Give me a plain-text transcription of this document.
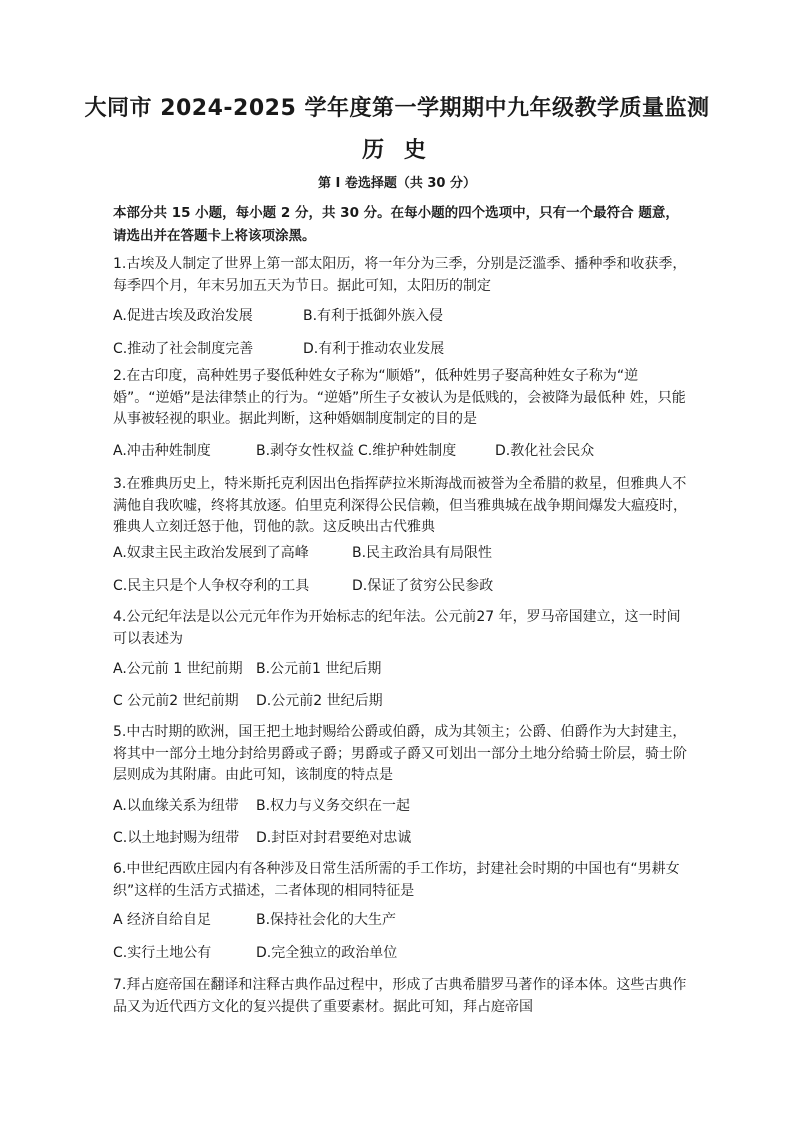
大同市 2024-2025 学年度第一学期期中九年级教学质量监测
历 史
第 I 卷选择题（共 30 分）
本部分共 15 小题，每小题 2 分，共 30 分。在每小题的四个选项中，只有一个最符合 题意，请选出并在答题卡上将该项涂黑。
1.古埃及人制定了世界上第一部太阳历，将一年分为三季，分别是泛滥季、播种季和收获季，每季四个月，年末另加五天为节日。据此可知，太阳历的制定
A.促进古埃及政治发展	B.有利于抵御外族入侵
C.推动了社会制度完善	D.有利于推动农业发展
2.在古印度，高种姓男子娶低种姓女子称为“顺婚”，低种姓男子娶高种姓女子称为“逆婚”。“逆婚”是法律禁止的行为。“逆婚”所生子女被认为是低贱的，会被降为最低种 姓，只能从事被轻视的职业。据此判断，这种婚姻制度制定的目的是
A.冲击种姓制度	B.剥夺女性权益 C.维护种姓制度	D.教化社会民众
3.在雅典历史上，特米斯托克利因出色指挥萨拉米斯海战而被誉为全希腊的救星，但雅典人不满他自我吹嘘，终将其放逐。伯里克利深得公民信赖，但当雅典城在战争期间爆发大瘟疫时，雅典人立刻迁怒于他，罚他的款。这反映出古代雅典
A.奴隶主民主政治发展到了高峰	B.民主政治具有局限性
C.民主只是个人争权夺利的工具	D.保证了贫穷公民参政
4.公元纪年法是以公元元年作为开始标志的纪年法。公元前27 年，罗马帝国建立，这一时间可以表述为
A.公元前 1 世纪前期 B.公元前1 世纪后期
C 公元前2 世纪前期 D.公元前2 世纪后期
5.中古时期的欧洲，国王把土地封赐给公爵或伯爵，成为其领主；公爵、伯爵作为大封建主，将其中一部分土地分封给男爵或子爵；男爵或子爵又可划出一部分土地分给骑士阶层，骑士阶层则成为其附庸。由此可知，该制度的特点是
A.以血缘关系为纽带 B.权力与义务交织在一起
C.以土地封赐为纽带 D.封臣对封君要绝对忠诚
6.中世纪西欧庄园内有各种涉及日常生活所需的手工作坊，封建社会时期的中国也有“男耕女织”这样的生活方式描述，二者体现的相同特征是
A 经济自给自足	B.保持社会化的大生产
C.实行土地公有	D.完全独立的政治单位
7.拜占庭帝国在翻译和注释古典作品过程中，形成了古典希腊罗马著作的译本体。这些古典作品又为近代西方文化的复兴提供了重要素材。据此可知，拜占庭帝国
